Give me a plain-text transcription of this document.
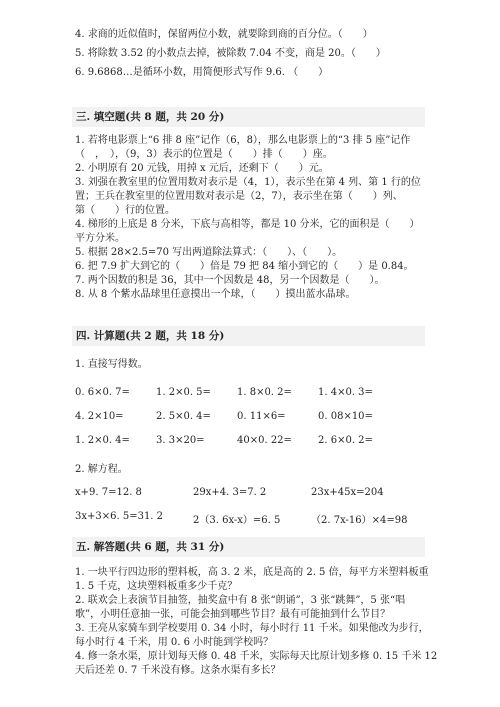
4. 求商的近似值时，保留两位小数，就要除到商的百分位。（　　）
5. 将除数 3.52 的小数点去掉，被除数 7.04 不变，商是 20。（　　）
6. 9.6868…是循环小数，用简便形式写作 9.6. （　　）
三. 填空题(共 8 题，共 20 分)
1. 若将电影票上“6 排 8 座”记作（6，8），那么电影票上的“3 排 5 座”记作
（　，　），（9，3）表示的位置是（　　）排（　　）座。
2. 小明原有 20 元钱，用掉 x 元后，还剩下（　　）元。
3. 刘强在教室里的位置用数对表示是（4，1），表示坐在第 4 列、第 1 行的位置；王兵在教室里的位置用数对表示是（2，7），表示坐在第（　　）列、
第（　　）行的位置。
4. 梯形的上底是 8 分米，下底与高相等，都是 10 分米，它的面积是（　　）
平方分米。
5. 根据 28×2.5=70 写出两道除法算式：（　　）、（　　）。
6. 把 7.9 扩大到它的（　　）倍是 79 把 84 缩小到它的（　　）是 0.84。
7. 两个因数的积是 36，其中一个因数是 48，另一个因数是（　　）。
8. 从 8 个紫水晶球里任意摸出一个球，（　　）摸出蓝水晶球。
四. 计算题(共 2 题，共 18 分)
1. 直接写得数。
0. 6×0. 7=	1. 2×0. 5=	1. 8×0. 2=	1. 4×0. 3=
4. 2×10=	2. 5×0. 4=	0. 11×6=	0. 08×10=
1. 2×0. 4=	3. 3×20=	40×0. 22=	2. 6×0. 2=
2. 解方程。
x+9. 7=12. 8	29x+4. 3=7. 2	23x+45x=204
3x+3×6. 5=31. 2	2（3. 6x-x）=6. 5	（2. 7x-16）×4=98
五. 解答题(共 6 题，共 31 分)
1. 一块平行四边形的塑料板，高 3. 2 米，底是高的 2. 5 倍，每平方米塑料板重
1. 5 千克，这块塑料板重多少千克？
2. 联欢会上表演节目抽签，抽奖盒中有 8 张“朗诵”，3 张“跳舞”，5 张“唱
歌”，小明任意抽一张，可能会抽到哪些节目？最有可能抽到什么节目？
3. 王亮从家骑车到学校要用 0. 34 小时，每小时行 11 千米。如果他改为步行，
每小时行 4 千米，用 0. 6 小时能到学校吗？
4. 修一条水渠，原计划每天修 0. 48 千米，实际每天比原计划多修 0. 15 千米 12
天后还差 0. 7 千米没有修。这条水渠有多长？
